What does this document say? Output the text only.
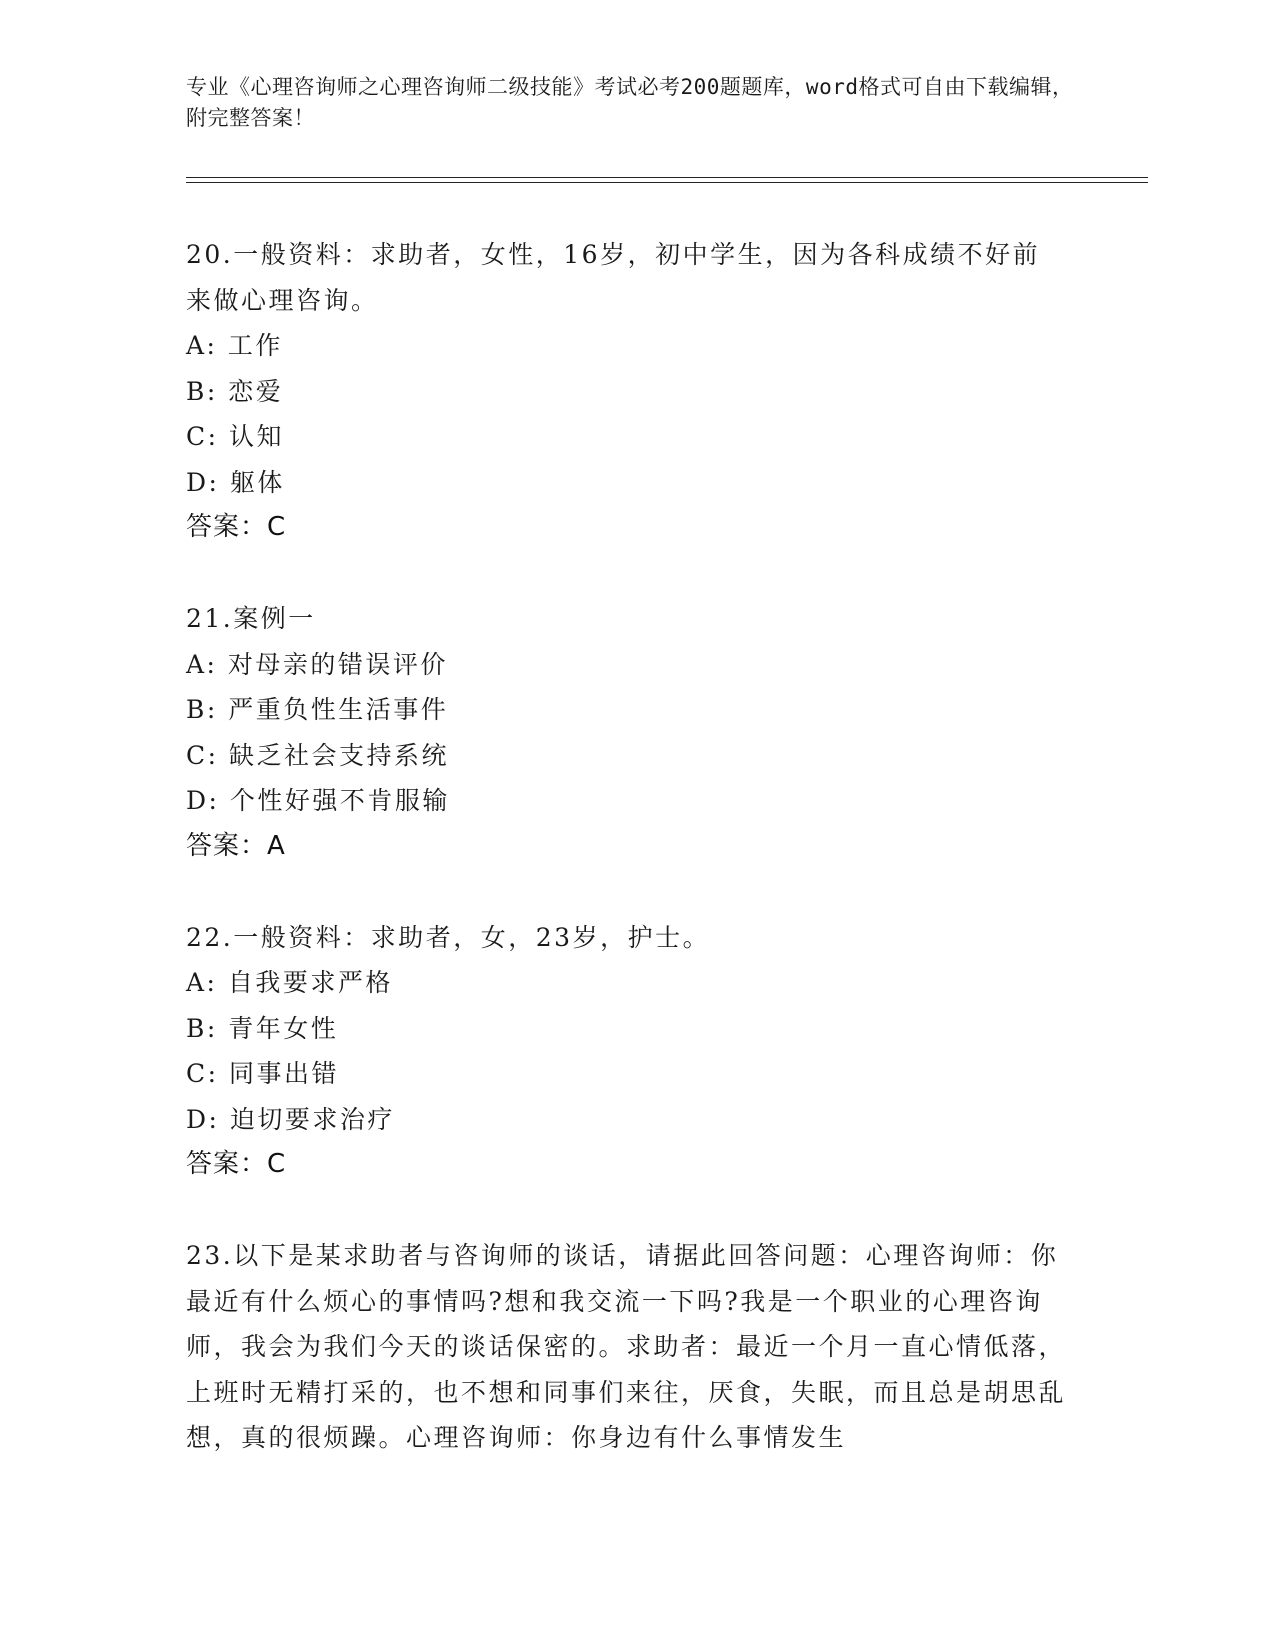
专业《心理咨询师之心理咨询师二级技能》考试必考200题题库，word格式可自由下载编辑，附完整答案！

20.一般资料：求助者，女性，16岁，初中学生，因为各科成绩不好前来做心理咨询。

A: 工作

B: 恋爱

C: 认知

D: 躯体

答案：C

21.案例一

A: 对母亲的错误评价

B: 严重负性生活事件

C: 缺乏社会支持系统

D: 个性好强不肯服输

答案：A

22.一般资料：求助者，女，23岁，护士。

A: 自我要求严格

B: 青年女性

C: 同事出错

D: 迫切要求治疗

答案：C

23.以下是某求助者与咨询师的谈话，请据此回答问题：心理咨询师：你最近有什么烦心的事情吗?想和我交流一下吗?我是一个职业的心理咨询师，我会为我们今天的谈话保密的。求助者：最近一个月一直心情低落，上班时无精打采的，也不想和同事们来往，厌食，失眠，而且总是胡思乱想，真的很烦躁。心理咨询师：你身边有什么事情发生
